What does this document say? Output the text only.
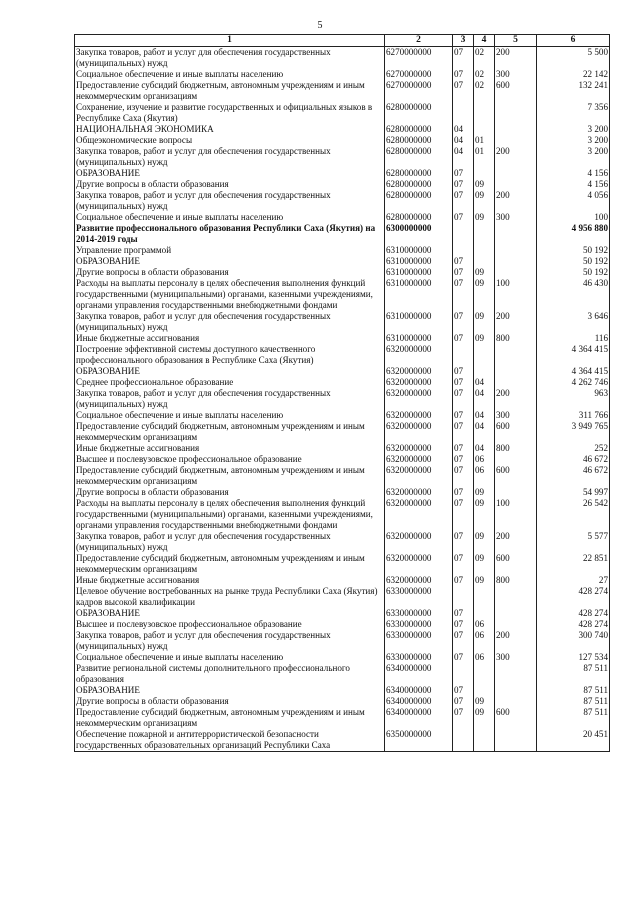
5
1	2	3	4	5	6
Закупка товаров, работ и услуг для обеспечения государственных (муниципальных) нужд	6270000000	07	02	200	5 500
Социальное обеспечение и иные выплаты населению	6270000000	07	02	300	22 142
Предоставление субсидий бюджетным, автономным учреждениям и иным некоммерческим организациям	6270000000	07	02	600	132 241
Сохранение, изучение и развитие государственных и официальных языков в Республике Саха (Якутия)	6280000000				7 356
НАЦИОНАЛЬНАЯ ЭКОНОМИКА	6280000000	04			3 200
Общеэкономические вопросы	6280000000	04	01		3 200
Закупка товаров, работ и услуг для обеспечения государственных (муниципальных) нужд	6280000000	04	01	200	3 200
ОБРАЗОВАНИЕ	6280000000	07			4 156
Другие вопросы в области образования	6280000000	07	09		4 156
Закупка товаров, работ и услуг для обеспечения государственных (муниципальных) нужд	6280000000	07	09	200	4 056
Социальное обеспечение и иные выплаты населению	6280000000	07	09	300	100
Развитие профессионального образования Республики Саха (Якутия) на 2014-2019 годы	6300000000				4 956 880
Управление программой	6310000000				50 192
ОБРАЗОВАНИЕ	6310000000	07			50 192
Другие вопросы в области образования	6310000000	07	09		50 192
Расходы на выплаты персоналу в целях обеспечения выполнения функций государственными (муниципальными) органами, казенными учреждениями, органами управления государственными внебюджетными фондами	6310000000	07	09	100	46 430
Закупка товаров, работ и услуг для обеспечения государственных (муниципальных) нужд	6310000000	07	09	200	3 646
Иные бюджетные ассигнования	6310000000	07	09	800	116
Построение эффективной системы доступного качественного профессионального образования в Республике Саха (Якутия)	6320000000				4 364 415
ОБРАЗОВАНИЕ	6320000000	07			4 364 415
Среднее профессиональное образование	6320000000	07	04		4 262 746
Закупка товаров, работ и услуг для обеспечения государственных (муниципальных) нужд	6320000000	07	04	200	963
Социальное обеспечение и иные выплаты населению	6320000000	07	04	300	311 766
Предоставление субсидий бюджетным, автономным учреждениям и иным некоммерческим организациям	6320000000	07	04	600	3 949 765
Иные бюджетные ассигнования	6320000000	07	04	800	252
Высшее и послевузовское профессиональное образование	6320000000	07	06		46 672
Предоставление субсидий бюджетным, автономным учреждениям и иным некоммерческим организациям	6320000000	07	06	600	46 672
Другие вопросы в области образования	6320000000	07	09		54 997
Расходы на выплаты персоналу в целях обеспечения выполнения функций государственными (муниципальными) органами, казенными учреждениями, органами управления государственными внебюджетными фондами	6320000000	07	09	100	26 542
Закупка товаров, работ и услуг для обеспечения государственных (муниципальных) нужд	6320000000	07	09	200	5 577
Предоставление субсидий бюджетным, автономным учреждениям и иным некоммерческим организациям	6320000000	07	09	600	22 851
Иные бюджетные ассигнования	6320000000	07	09	800	27
Целевое обучение востребованных на рынке труда Республики Саха (Якутия) кадров высокой квалификации	6330000000				428 274
ОБРАЗОВАНИЕ	6330000000	07			428 274
Высшее и послевузовское профессиональное образование	6330000000	07	06		428 274
Закупка товаров, работ и услуг для обеспечения государственных (муниципальных) нужд	6330000000	07	06	200	300 740
Социальное обеспечение и иные выплаты населению	6330000000	07	06	300	127 534
Развитие региональной системы дополнительного профессионального образования	6340000000				87 511
ОБРАЗОВАНИЕ	6340000000	07			87 511
Другие вопросы в области образования	6340000000	07	09		87 511
Предоставление субсидий бюджетным, автономным учреждениям и иным некоммерческим организациям	6340000000	07	09	600	87 511
Обеспечение пожарной и антитеррористической безопасности государственных образовательных организаций Республики Саха	6350000000				20 451
